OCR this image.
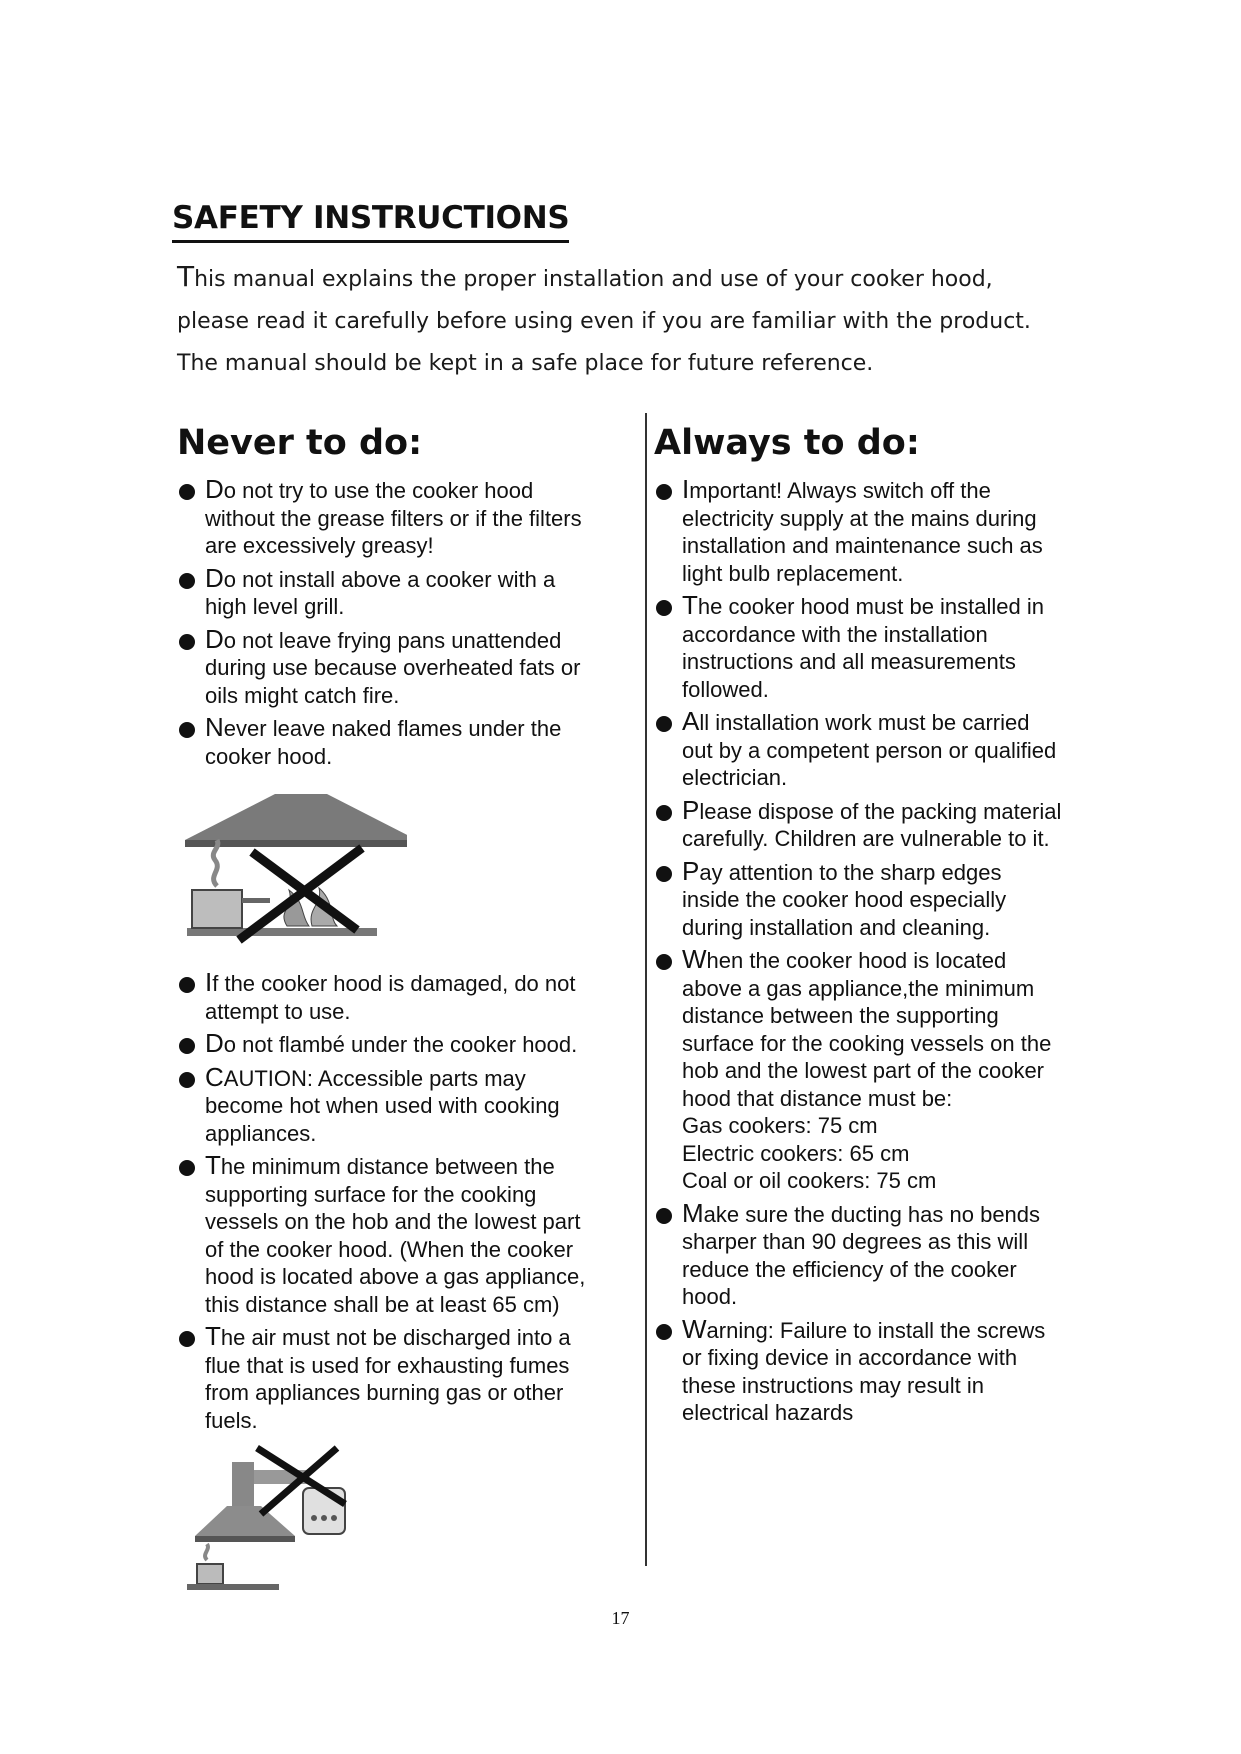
SAFETY INSTRUCTIONS

This manual explains the proper installation and use of your cooker hood,

please read it carefully before using even if you are familiar with the product.

The manual should be kept in a safe place for future reference.

Never to do:
Do not try to use the cooker hood
without the grease filters or if the filters
are excessively greasy!
Do not install above a cooker with a
high level grill.
Do not leave frying pans unattended
during use because overheated fats or
oils might catch fire.
Never leave naked flames under the
cooker hood.
If the cooker hood is damaged, do not
attempt to use.
Do not flambé under the cooker hood.
CAUTION: Accessible parts may
become hot when used with cooking
appliances.
The minimum distance between the
supporting surface for the cooking
vessels on the hob and the lowest part
of the cooker hood. (When the cooker
hood is located above a gas appliance,
this distance shall be at least 65 cm)
The air must not be discharged into a
flue that is used for exhausting fumes
from appliances burning gas or other
fuels.
Always to do:
Important! Always switch off the
electricity supply at the mains during
installation and maintenance such as
light bulb replacement.
The cooker hood must be installed in
accordance with the installation
instructions and all measurements
followed.
All installation work must be carried
out by a competent person or qualified
electrician.
Please dispose of the packing material
carefully. Children are vulnerable to it.
Pay attention to the sharp edges
inside the cooker hood especially
during installation and cleaning.
When the cooker hood is located
above a gas appliance,the minimum
distance between the supporting
surface for the cooking vessels on the
hob and the lowest part of the cooker
hood that distance must be:
Gas cookers: 75 cm
Electric cookers: 65 cm
Coal or oil cookers: 75 cm
Make sure the ducting has no bends
sharper than 90 degrees as this will
reduce the efficiency of the cooker
hood.
Warning: Failure to install the screws
or fixing device in accordance with
these instructions may result in
electrical hazards
17
